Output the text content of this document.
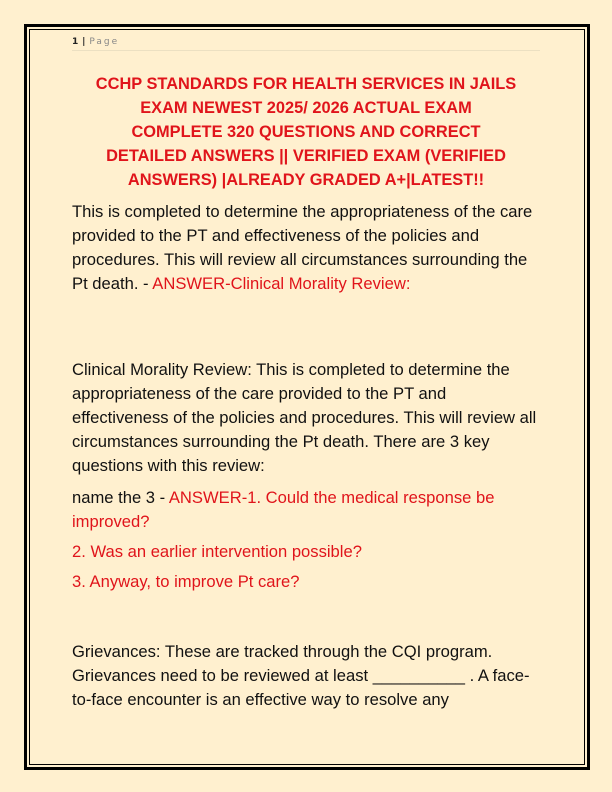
1 | Page
CCHP STANDARDS FOR HEALTH SERVICES IN JAILS
EXAM NEWEST 2025/ 2026 ACTUAL EXAM
COMPLETE 320 QUESTIONS AND CORRECT
DETAILED ANSWERS || VERIFIED EXAM (VERIFIED
ANSWERS) |ALREADY GRADED A+|LATEST!!

This is completed to determine the appropriateness of the care provided to the PT and effectiveness of the policies and procedures. This will review all circumstances surrounding the Pt death. - ANSWER-Clinical Morality Review:

Clinical Morality Review: This is completed to determine the appropriateness of the care provided to the PT and effectiveness of the policies and procedures. This will review all circumstances surrounding the Pt death. There are 3 key questions with this review:

name the 3 - ANSWER-1. Could the medical response be improved?

2. Was an earlier intervention possible?

3. Anyway, to improve Pt care?

Grievances: These are tracked through the CQI program. Grievances need to be reviewed at least __________ . A face-to-face encounter is an effective way to resolve any
